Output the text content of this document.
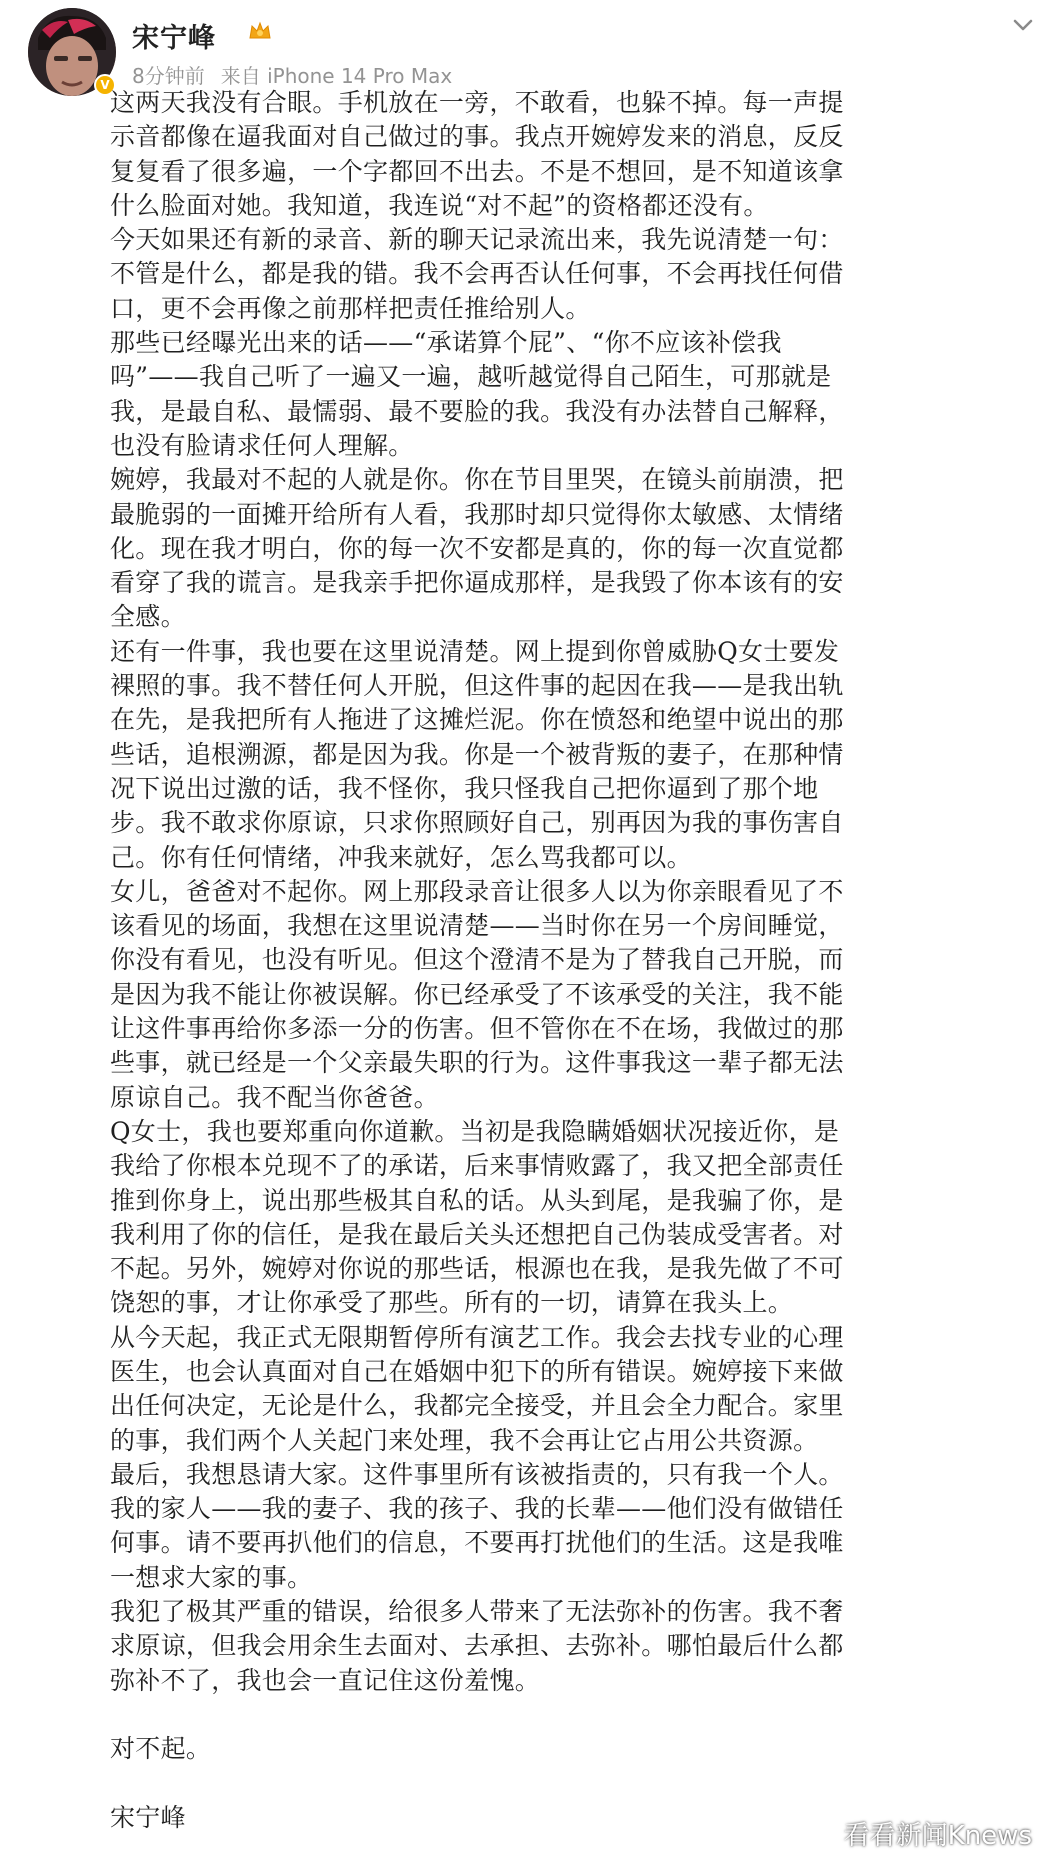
V
宋宁峰
8分钟前 来自 iPhone 14 Pro Max

这两天我没有合眼。手机放在一旁，不敢看，也躲不掉。每一声提示音都像在逼我面对自己做过的事。我点开婉婷发来的消息，反反复复看了很多遍，一个字都回不出去。不是不想回，是不知道该拿什么脸面对她。我知道，我连说“对不起”的资格都还没有。

今天如果还有新的录音、新的聊天记录流出来，我先说清楚一句：不管是什么，都是我的错。我不会再否认任何事，不会再找任何借口，更不会再像之前那样把责任推给别人。

那些已经曝光出来的话——“承诺算个屁”、“你不应该补偿我吗”——我自己听了一遍又一遍，越听越觉得自己陌生，可那就是我，是最自私、最懦弱、最不要脸的我。我没有办法替自己解释，也没有脸请求任何人理解。

婉婷，我最对不起的人就是你。你在节目里哭，在镜头前崩溃，把最脆弱的一面摊开给所有人看，我那时却只觉得你太敏感、太情绪化。现在我才明白，你的每一次不安都是真的，你的每一次直觉都看穿了我的谎言。是我亲手把你逼成那样，是我毁了你本该有的安全感。

还有一件事，我也要在这里说清楚。网上提到你曾威胁Q女士要发裸照的事。我不替任何人开脱，但这件事的起因在我——是我出轨在先，是我把所有人拖进了这摊烂泥。你在愤怒和绝望中说出的那些话，追根溯源，都是因为我。你是一个被背叛的妻子，在那种情况下说出过激的话，我不怪你，我只怪我自己把你逼到了那个地步。我不敢求你原谅，只求你照顾好自己，别再因为我的事伤害自己。你有任何情绪，冲我来就好，怎么骂我都可以。

女儿，爸爸对不起你。网上那段录音让很多人以为你亲眼看见了不该看见的场面，我想在这里说清楚——当时你在另一个房间睡觉，你没有看见，也没有听见。但这个澄清不是为了替我自己开脱，而是因为我不能让你被误解。你已经承受了不该承受的关注，我不能让这件事再给你多添一分的伤害。但不管你在不在场，我做过的那些事，就已经是一个父亲最失职的行为。这件事我这一辈子都无法原谅自己。我不配当你爸爸。

Q女士，我也要郑重向你道歉。当初是我隐瞒婚姻状况接近你，是我给了你根本兑现不了的承诺，后来事情败露了，我又把全部责任推到你身上，说出那些极其自私的话。从头到尾，是我骗了你，是我利用了你的信任，是我在最后关头还想把自己伪装成受害者。对不起。另外，婉婷对你说的那些话，根源也在我，是我先做了不可饶恕的事，才让你承受了那些。所有的一切，请算在我头上。

从今天起，我正式无限期暂停所有演艺工作。我会去找专业的心理医生，也会认真面对自己在婚姻中犯下的所有错误。婉婷接下来做出任何决定，无论是什么，我都完全接受，并且会全力配合。家里的事，我们两个人关起门来处理，我不会再让它占用公共资源。

最后，我想恳请大家。这件事里所有该被指责的，只有我一个人。我的家人——我的妻子、我的孩子、我的长辈——他们没有做错任何事。请不要再扒他们的信息，不要再打扰他们的生活。这是我唯一想求大家的事。

我犯了极其严重的错误，给很多人带来了无法弥补的伤害。我不奢求原谅，但我会用余生去面对、去承担、去弥补。哪怕最后什么都弥补不了，我也会一直记住这份羞愧。

对不起。

宋宁峰

看看新闻Knews
